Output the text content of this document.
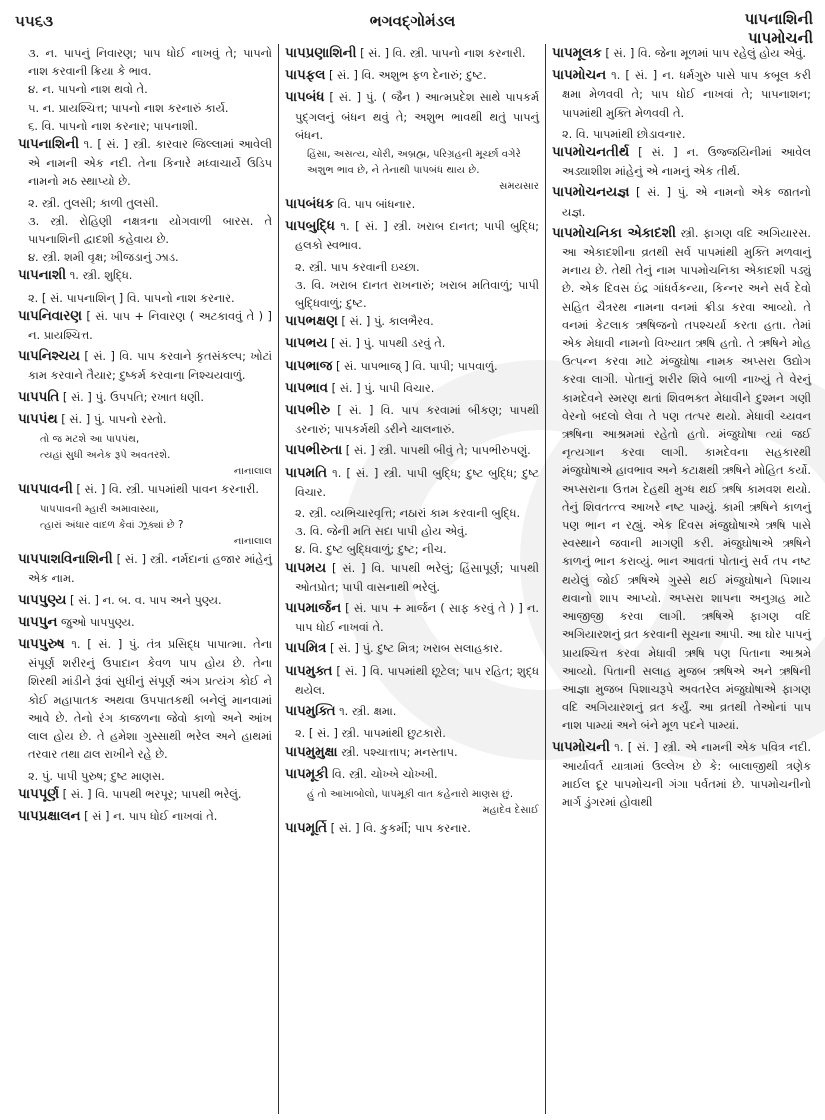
૫૫૬૩	ભગવદ્ગોમંડલ	પાપનાશિની
પાપમોચની
૩. ન. પાપનું નિવારણ; પાપ ધોઈ નાખવું તે; પાપનો નાશ કરવાની ક્રિયા કે ભાવ.
૪. ન. પાપનો નાશ થવો તે.
૫. ન. પ્રાયશ્ચિત્ત; પાપનો નાશ કરનારું કાર્ય.
૬. વિ. પાપનો નાશ કરનાર; પાપનાશી.
પાપનાશિની ૧. [ સં. ] સ્ત્રી. કારવાર જિલ્લામાં આવેલી એ નામની એક નદી. તેના કિનારે મધ્વાચાર્યે ઉડિપ નામનો મઠ સ્થાપ્યો છે.
૨. સ્ત્રી. તુલસી; કાળી તુલસી.
૩. સ્ત્રી. રોહિણી નક્ષત્રના યોગવાળી બારસ. તે પાપનાશિની દ્વાદશી કહેવાય છે.
૪. સ્ત્રી. શમી વૃક્ષ; ખીજડાનું ઝાડ.
પાપનાશી ૧. સ્ત્રી. શુદ્ધિ.
૨. [ સં. પાપનાશિન્ ] વિ. પાપનો નાશ કરનાર.
પાપનિવારણ [ સં. પાપ + નિવારણ ( અટકાવવું તે ) ] ન. પ્રાયશ્ચિત્ત.
પાપનિશ્ચય [ સં. ] વિ. પાપ કરવાને કૃતસંકલ્પ; ખોટાં કામ કરવાને તૈયાર; દુષ્કર્મ કરવાના નિશ્ચયવાળું.
પાપપતિ [ સં. ] પું. ઉપપતિ; રખાત ધણી.
પાપપંથ [ સં. ] પું. પાપનો રસ્તો.
તો જ મટશે આ પાપપંથ,
ત્યહાં સુધી અનેક રૂપે અવતરશે.
નાનાલાલ
પાપપાવની [ સં. ] વિ. સ્ત્રી. પાપમાંથી પાવન કરનારી.
પાપપાવની મ્હારી અમાવાસ્યા,
ત્હારાં અંધાર વાદળ કેવાં ઝૂક્યાં છે ?
નાનાલાલ
પાપપાશવિનાશિની [ સં. ] સ્ત્રી. નર્મદાનાં હજાર માંહેનું એક નામ.
પાપપુણ્ય [ સં. ] ન. બ. વ. પાપ અને પુણ્ય.
પાપપુન જુઓ પાપપુણ્ય.
પાપપુરુષ ૧. [ સં. ] પું. તંત્ર પ્રસિદ્ધ પાપાત્મા. તેના સંપૂર્ણ શરીરનું ઉપાદાન કેવળ પાપ હોય છે. તેના શિરથી માંડીને રૂંવાં સુધીનું સંપૂર્ણ અંગ પ્રત્યંગ કોઈ ને કોઈ મહાપાતક અથવા ઉપપાતકથી બનેલું માનવામાં આવે છે. તેનો રંગ કાજળના જેવો કાળો અને આંખ લાલ હોય છે. તે હમેશા ગુસ્સાથી ભરેલ અને હાથમાં તરવાર તથા ઢાલ રાખીને રહે છે.
૨. પું. પાપી પુરુષ; દુષ્ટ માણસ.
પાપપૂર્ણ [ સં. ] વિ. પાપથી ભરપૂર; પાપથી ભરેલું.
પાપપ્રક્ષાલન [ સં ] ન. પાપ ધોઈ નાખવાં તે.
પાપપ્રણાશિની [ સં. ] વિ. સ્ત્રી. પાપનો નાશ કરનારી.
પાપફલ [ સં. ] વિ. અશુભ ફળ દેનારું; દુષ્ટ.
પાપબંધ [ સં. ] પું. ( જૈન ) આત્મપ્રદેશ સાથે પાપકર્મ પુદ્ગલનું બંધન થવું તે; અશુભ ભાવથી થતું પાપનું બંધન.
હિંસા, અસત્ય, ચોરી, અબ્રહ્મ, પરિગ્રહની મૂર્ચ્છા વગેરે અશુભ ભાવ છે, ને તેનાથી પાપબંધ થાય છે.
સમયસાર
પાપબંધક વિ. પાપ બાંધનાર.
પાપબુદ્ધિ ૧. [ સં. ] સ્ત્રી. ખરાબ દાનત; પાપી બુદ્ધિ; હલકો સ્વભાવ.
૨. સ્ત્રી. પાપ કરવાની ઇચ્છા.
૩. વિ. ખરાબ દાનત રાખનારું; ખરાબ મતિવાળું; પાપી બુદ્ધિવાળું; દુષ્ટ.
પાપભક્ષણ [ સં. ] પું. કાલભૈરવ.
પાપભય [ સં. ] પું. પાપથી ડરવું તે.
પાપભાજ [ સં. પાપભાજ્ ] વિ. પાપી; પાપવાળું.
પાપભાવ [ સં. ] પું. પાપી વિચાર.
પાપભીરુ [ સં. ] વિ. પાપ કરવામાં બીકણ; પાપથી ડરનારું; પાપકર્મથી ડરીને ચાલનારું.
પાપભીરુતા [ સં. ] સ્ત્રી. પાપથી બીવું તે; પાપભીરુપણું.
પાપમતિ ૧. [ સં. ] સ્ત્રી. પાપી બુદ્ધિ; દુષ્ટ બુદ્ધિ; દુષ્ટ વિચાર.
૨. સ્ત્રી. વ્યભિચારવૃત્તિ; નઠારાં કામ કરવાની બુદ્ધિ.
૩. વિ. જેની મતિ સદા પાપી હોય એવું.
૪. વિ. દુષ્ટ બુદ્ધિવાળું; દુષ્ટ; નીચ.
પાપમય [ સં. ] વિ. પાપથી ભરેલું; હિંસાપૂર્ણ; પાપથી ઓતપ્રોત; પાપી વાસનાથી ભરેલું.
પાપમાર્જન [ સં. પાપ + માર્જન ( સાફ કરવું તે ) ] ન. પાપ ધોઈ નાખવાં તે.
પાપમિત્ર [ સં. ] પું. દુષ્ટ મિત્ર; ખરાબ સલાહકાર.
પાપમુક્ત [ સં. ] વિ. પાપમાંથી છૂટેલ; પાપ રહિત; શુદ્ધ થયેલ.
પાપમુક્તિ ૧. સ્ત્રી. ક્ષમા.
૨. [ સં. ] સ્ત્રી. પાપમાંથી છુટકારો.
પાપમુમુક્ષા સ્ત્રી. પશ્ચાત્તાપ; મનસ્તાપ.
પાપમૂકી વિ. સ્ત્રી. ચોખ્ખે ચોખ્ખી.
હું તો આખાબોલો, પાપમૂકી વાત કહેનારો માણસ છું.
મહાદેવ દેસાઈ
પાપમૂર્તિ [ સં. ] વિ. કુકર્મી; પાપ કરનાર.
પાપમૂલક [ સં. ] વિ. જેના મૂળમાં પાપ રહેલું હોય એવું.
પાપમોચન ૧. [ સં. ] ન. ધર્મગુરુ પાસે પાપ કબૂલ કરી ક્ષમા મેળવવી તે; પાપ ધોઈ નાખવાં તે; પાપનાશન; પાપમાંથી મુક્તિ મેળવવી તે.
૨. વિ. પાપમાંથી છોડાવનાર.
પાપમોચનતીર્થ [ સં. ] ન. ઉજ્જયિનીમાં આવેલ અડ્યાશીશ માંહેનું એ નામનું એક તીર્થ.
પાપમોચનયજ્ઞ [ સં. ] પું. એ નામનો એક જાતનો યજ્ઞ.
પાપમોચનિકા એકાદશી સ્ત્રી. ફાગણ વદિ અગિયારસ. આ એકાદશીના વ્રતથી સર્વ પાપમાંથી મુક્તિ મળવાનું મનાય છે. તેથી તેનું નામ પાપમોચનિકા એકાદશી પડ્યું છે. એક દિવસ ઇંદ્ર ગાંધર્વકન્યા, કિન્નર અને સર્વ દેવો સહિત ચૈત્રરથ નામના વનમાં ક્રીડા કરવા આવ્યો. તે વનમાં કેટલાક ઋષિજનો તપશ્ચર્યા કરતા હતા. તેમાં એક મેધાવી નામનો વિખ્યાત ઋષિ હતો. તે ઋષિને મોહ ઉત્પન્ન કરવા માટે મંજુઘોષા નામક અપ્સરા ઉદ્યોગ કરવા લાગી. પોતાનું શરીર શિવે બાળી નાખ્યું તે વેરનું કામદેવને સ્મરણ થતાં શિવભક્ત મેધાવીને દુશ્મન ગણી વેરનો બદલો લેવા તે પણ તત્પર થયો. મેધાવી ચ્યવન ઋષિના આશ્રમમાં રહેતો હતો. મંજુઘોષા ત્યાં જઈ નૃત્યગાન કરવા લાગી. કામદેવના સહકારથી મંજુઘોષાએ હાવભાવ અને કટાક્ષથી ઋષિને મોહિત કર્યો. અપ્સરાના ઉત્તમ દેહથી મુગ્ધ થઈ ઋષિ કામવશ થયો. તેનું શિવતત્ત્વ આખરે નષ્ટ પામ્યું. કામી ઋષિને કાળનું પણ ભાન ન રહ્યું. એક દિવસ મંજુઘોષાએ ઋષિ પાસે સ્વસ્થાને જવાની માગણી કરી. મંજુઘોષાએ ઋષિને કાળનું ભાન કરાવ્યું. ભાન આવતાં પોતાનું સર્વ તપ નષ્ટ થયેલું જોઈ ઋષિએ ગુસ્સે થઈ મંજુઘોષાને પિશાચ થવાનો શાપ આપ્યો. અપ્સરા શાપના અનુગ્રહ માટે આજીજી કરવા લાગી. ઋષિએ ફાગણ વદિ અગિયારશનું વ્રત કરવાની સૂચના આપી. આ ઘોર પાપનું પ્રાયશ્ચિત્ત કરવા મેધાવી ઋષિ પણ પિતાના આશ્રમે આવ્યો. પિતાની સલાહ મુજબ ઋષિએ અને ઋષિની આજ્ઞા મુજબ પિશાચરૂપે અવતરેલ મંજુઘોષાએ ફાગણ વદિ અગિયારશનું વ્રત કર્યું. આ વ્રતથી તેઓનાં પાપ નાશ પામ્યાં અને બંને મૂળ પદને પામ્યાં.
પાપમોચની ૧. [ સં. ] સ્ત્રી. એ નામની એક પવિત્ર નદી. આર્યાવર્ત યાત્રામાં ઉલ્લેખ છે કે: બાલાજીથી ત્રણેક માઈલ દૂર પાપમોચની ગંગા પર્વતમાં છે. પાપમોચનીનો માર્ગ ડુંગરમાં હોવાથી
